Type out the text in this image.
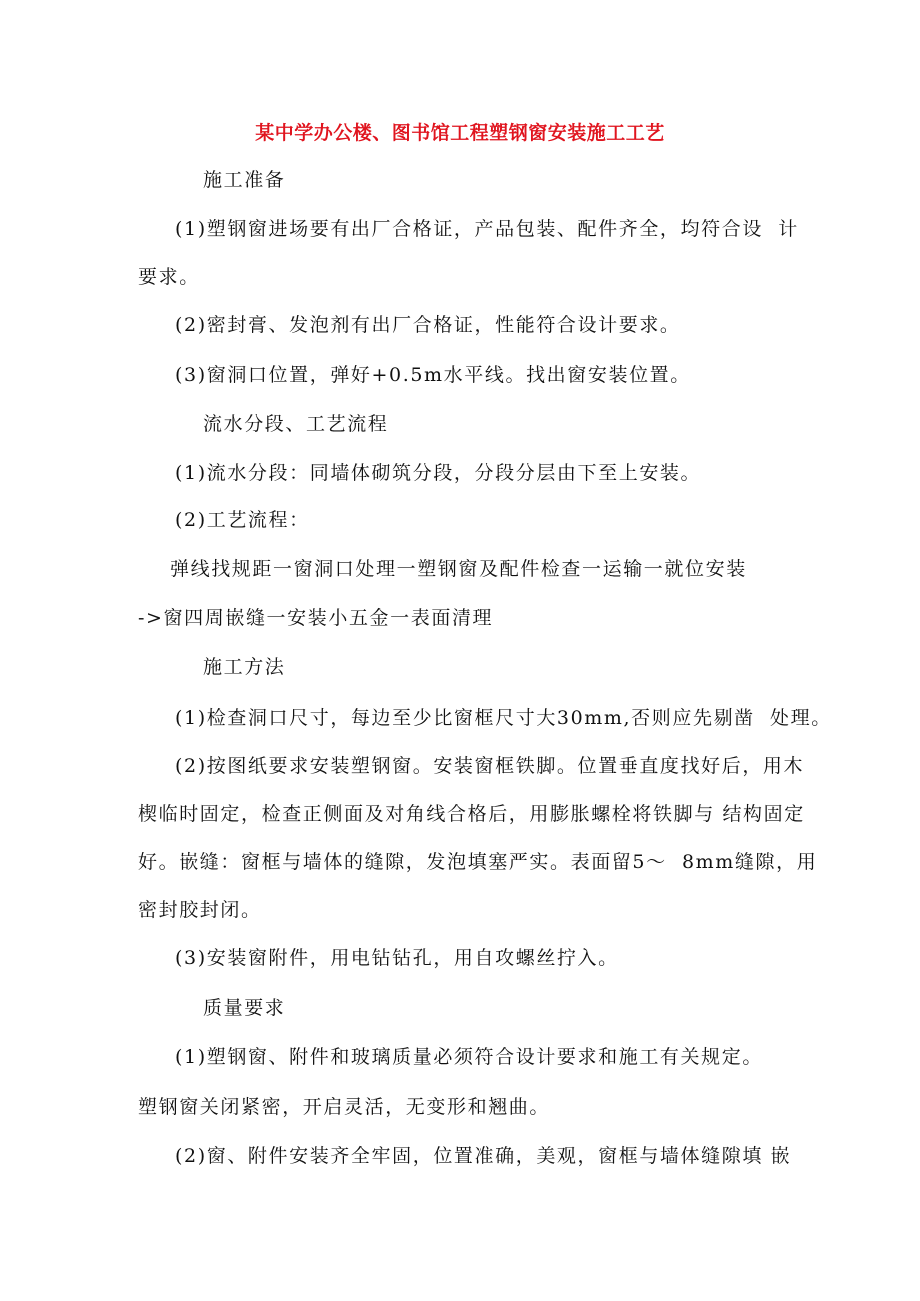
某中学办公楼、图书馆工程塑钢窗安装施工工艺
施工准备
(1)塑钢窗进场要有出厂合格证，产品包装、配件齐全，均符合设  计
要求。
(2)密封膏、发泡剂有出厂合格证，性能符合设计要求。
(3)窗洞口位置，弹好+0.5m水平线。找出窗安装位置。
流水分段、工艺流程
(1)流水分段：同墙体砌筑分段，分段分层由下至上安装。
(2)工艺流程：
弹线找规距一窗洞口处理一塑钢窗及配件检查一运输一就位安装
->窗四周嵌缝一安装小五金一表面清理
施工方法
(1)检查洞口尺寸，每边至少比窗框尺寸大30mm,否则应先剔凿  处理。
(2)按图纸要求安装塑钢窗。安装窗框铁脚。位置垂直度找好后，用木
楔临时固定，检查正侧面及对角线合格后，用膨胀螺栓将铁脚与 结构固定
好。嵌缝：窗框与墙体的缝隙，发泡填塞严实。表面留5～  8mm缝隙，用
密封胶封闭。
(3)安装窗附件，用电钻钻孔，用自攻螺丝拧入。
质量要求
(1)塑钢窗、附件和玻璃质量必须符合设计要求和施工有关规定。
塑钢窗关闭紧密，开启灵活，无变形和翘曲。
(2)窗、附件安装齐全牢固，位置准确，美观，窗框与墙体缝隙填 嵌
